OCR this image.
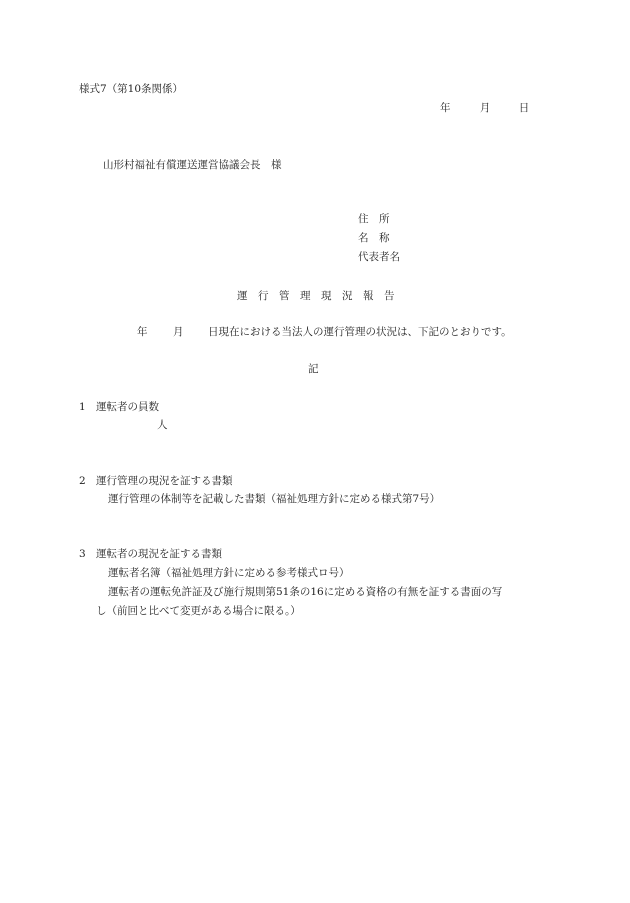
様式7（第10条関係）
年	月	日
山形村福祉有償運送運営協議会長　様
住　所
名　称
代表者名
運　行　管　理　現　況　報　告
年 月 日現在における当法人の運行管理の状況は、下記のとおりです。
記
1 運転者の員数
人
2 運行管理の現況を証する書類
運行管理の体制等を記載した書類（福祉処理方針に定める様式第7号）
3 運転者の現況を証する書類
運転者名簿（福祉処理方針に定める参考様式ロ号）
運転者の運転免許証及び施行規則第51条の16に定める資格の有無を証する書面の写
し（前回と比べて変更がある場合に限る。）
